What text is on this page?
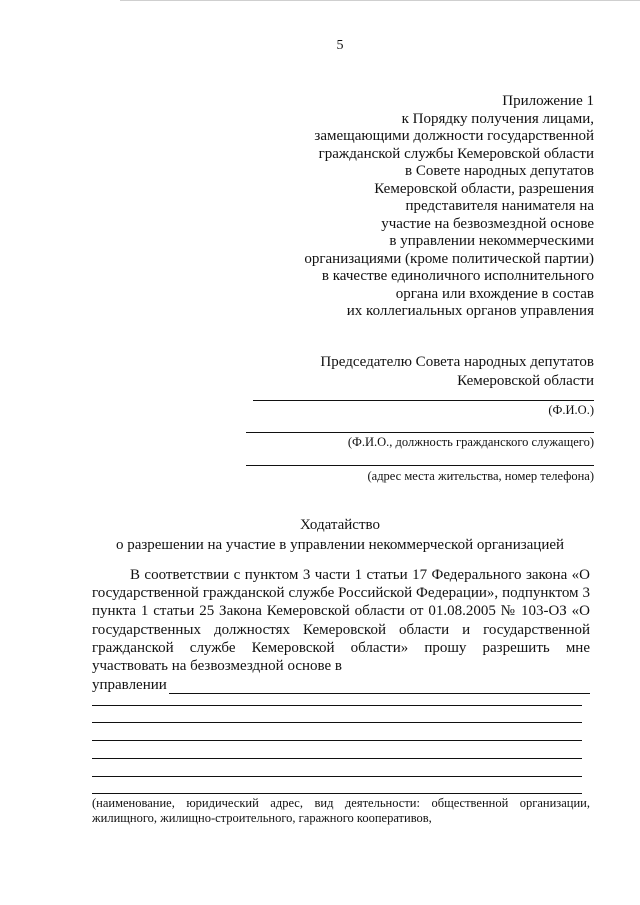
5
Приложение 1
к Порядку получения лицами,
замещающими должности государственной
гражданской службы Кемеровской области
в Совете народных депутатов
Кемеровской области, разрешения
представителя нанимателя на
участие на безвозмездной основе
в управлении некоммерческими
организациями (кроме политической партии)
в качестве единоличного исполнительного
органа или вхождение в состав
их коллегиальных органов управления
Председателю Совета народных депутатов
Кемеровской области
(Ф.И.О.)
(Ф.И.О., должность гражданского служащего)
(адрес места жительства, номер телефона)
Ходатайство
о разрешении на участие в управлении некоммерческой организацией
В соответствии с пунктом 3 части 1 статьи 17 Федерального закона «О государственной гражданской службе Российской Федерации», подпунктом 3 пункта 1 статьи 25 Закона Кемеровской области от 01.08.2005 № 103-ОЗ «О государственных должностях Кемеровской области и государственной гражданской службе Кемеровской области» прошу разрешить мне участвовать на безвозмездной основе в
управлении
(наименование, юридический адрес, вид деятельности: общественной организации, жилищного, жилищно-строительного, гаражного кооперативов,
